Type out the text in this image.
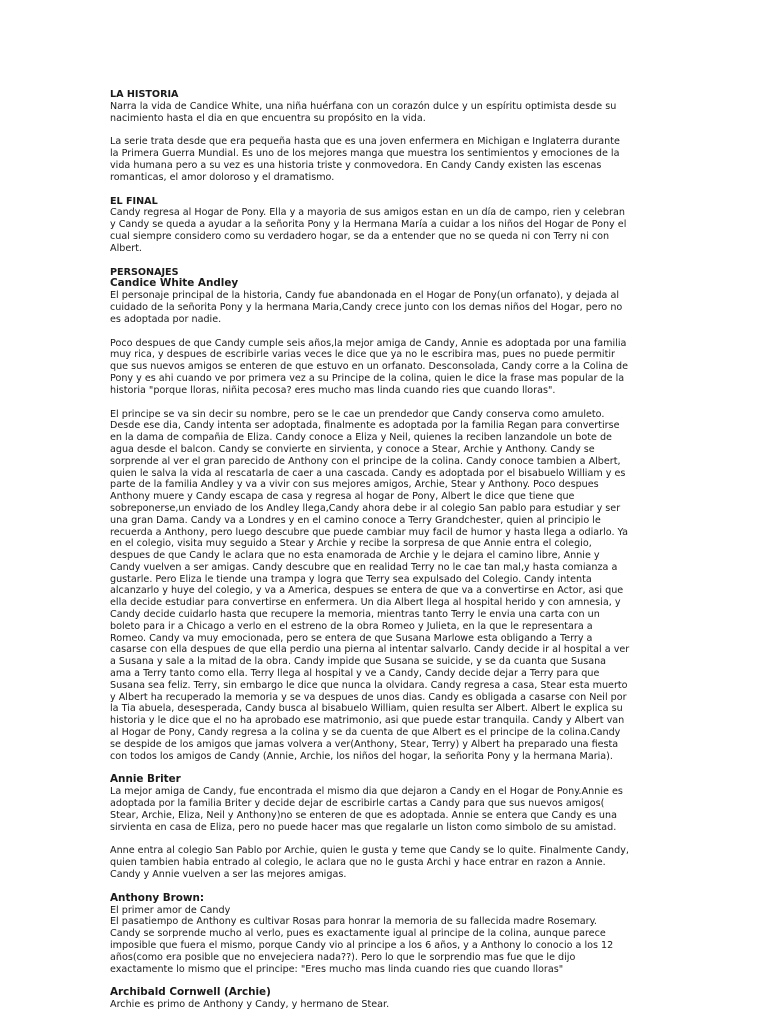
LA HISTORIA

Narra la vida de Candice White, una niña huérfana con un corazón dulce y un espíritu optimista desde su nacimiento hasta el dia en que encuentra su propósito en la vida.

La serie trata desde que era pequeña hasta que es una joven enfermera en Michigan e Inglaterra durante la Primera Guerra Mundial. Es uno de los mejores manga que muestra los sentimientos y emociones de la vida humana pero a su vez es una historia triste y conmovedora. En Candy Candy existen las escenas romanticas, el amor doloroso y el dramatismo.

EL FINAL

Candy regresa al Hogar de Pony. Ella y a mayoria de sus amigos estan en un día de campo, rien y celebran y Candy se queda a ayudar a la señorita Pony y la Hermana María a cuidar a los niños del Hogar de Pony el cual siempre considero como su verdadero hogar, se da a entender que no se queda ni con Terry ni con Albert.

PERSONAJES

Candice White Andley

El personaje principal de la historia, Candy fue abandonada en el Hogar de Pony(un orfanato), y dejada al cuidado de la señorita Pony y la hermana Maria,Candy crece junto con los demas niños del Hogar, pero no es adoptada por nadie.

Poco despues de que Candy cumple seis años,la mejor amiga de Candy, Annie es adoptada por una familia muy rica, y despues de escribirle varias veces le dice que ya no le escribira mas, pues no puede permitir que sus nuevos amigos se enteren de que estuvo en un orfanato. Desconsolada, Candy corre a la Colina de Pony y es ahi cuando ve por primera vez a su Principe de la colina, quien le dice la frase mas popular de la historia "porque lloras, niñita pecosa? eres mucho mas linda cuando ries que cuando lloras".

El principe se va sin decir su nombre, pero se le cae un prendedor que Candy conserva como amuleto. Desde ese dia, Candy intenta ser adoptada, finalmente es adoptada por la familia Regan para convertirse en la dama de compañia de Eliza. Candy conoce a Eliza y Neil, quienes la reciben lanzandole un bote de agua desde el balcon. Candy se convierte en sirvienta, y conoce a Stear, Archie y Anthony. Candy se sorprende al ver el gran parecido de Anthony con el principe de la colina. Candy conoce tambien a Albert, quien le salva la vida al rescatarla de caer a una cascada. Candy es adoptada por el bisabuelo William y es parte de la familia Andley y va a vivir con sus mejores amigos, Archie, Stear y Anthony. Poco despues Anthony muere y Candy escapa de casa y regresa al hogar de Pony, Albert le dice que tiene que sobreponerse,un enviado de los Andley llega,Candy ahora debe ir al colegio San pablo para estudiar y ser una gran Dama. Candy va a Londres y en el camino conoce a Terry Grandchester, quien al principio le recuerda a Anthony, pero luego descubre que puede cambiar muy facil de humor y hasta llega a odiarlo. Ya en el colegio, visita muy seguido a Stear y Archie y recibe la sorpresa de que Annie entra el colegio, despues de que Candy le aclara que no esta enamorada de Archie y le dejara el camino libre, Annie y Candy vuelven a ser amigas. Candy descubre que en realidad Terry no le cae tan mal,y hasta comianza a gustarle. Pero Eliza le tiende una trampa y logra que Terry sea expulsado del Colegio. Candy intenta alcanzarlo y huye del colegio, y va a America, despues se entera de que va a convertirse en Actor, asi que ella decide estudiar para convertirse en enfermera. Un dia Albert llega al hospital herido y con amnesia, y Candy decide cuidarlo hasta que recupere la memoria, mientras tanto Terry le envia una carta con un boleto para ir a Chicago a verlo en el estreno de la obra Romeo y Julieta, en la que le representara a Romeo. Candy va muy emocionada, pero se entera de que Susana Marlowe esta obligando a Terry a casarse con ella despues de que ella perdio una pierna al intentar salvarlo. Candy decide ir al hospital a ver a Susana y sale a la mitad de la obra. Candy impide que Susana se suicide, y se da cuanta que Susana ama a Terry tanto como ella. Terry llega al hospital y ve a Candy, Candy decide dejar a Terry para que Susana sea feliz. Terry, sin embargo le dice que nunca la olvidara. Candy regresa a casa, Stear esta muerto y Albert ha recuperado la memoria y se va despues de unos dias. Candy es obligada a casarse con Neil por la Tia abuela, desesperada, Candy busca al bisabuelo William, quien resulta ser Albert. Albert le explica su historia y le dice que el no ha aprobado ese matrimonio, asi que puede estar tranquila. Candy y Albert van al Hogar de Pony, Candy regresa a la colina y se da cuenta de que Albert es el principe de la colina.Candy se despide de los amigos que jamas volvera a ver(Anthony, Stear, Terry) y Albert ha preparado una fiesta con todos los amigos de Candy (Annie, Archie, los niños del hogar, la señorita Pony y la hermana Maria).

Annie Briter

La mejor amiga de Candy, fue encontrada el mismo dia que dejaron a Candy en el Hogar de Pony.Annie es adoptada por la familia Briter y decide dejar de escribirle cartas a Candy para que sus nuevos amigos( Stear, Archie, Eliza, Neil y Anthony)no se enteren de que es adoptada. Annie se entera que Candy es una sirvienta en casa de Eliza, pero no puede hacer mas que regalarle un liston como simbolo de su amistad.

Anne entra al colegio San Pablo por Archie, quien le gusta y teme que Candy se lo quite. Finalmente Candy, quien tambien habia entrado al colegio, le aclara que no le gusta Archi y hace entrar en razon a Annie. Candy y Annie vuelven a ser las mejores amigas.

Anthony Brown:

El primer amor de Candy

El pasatiempo de Anthony es cultivar Rosas para honrar la memoria de su fallecida madre Rosemary. Candy se sorprende mucho al verlo, pues es exactamente igual al principe de la colina, aunque parece imposible que fuera el mismo, porque Candy vio al principe a los 6 años, y a Anthony lo conocio a los 12 años(como era posible que no envejeciera nada??). Pero lo que le sorprendio mas fue que le dijo exactamente lo mismo que el principe: "Eres mucho mas linda cuando ries que cuando lloras"

Archibald Cornwell (Archie)

Archie es primo de Anthony y Candy, y hermano de Stear.
